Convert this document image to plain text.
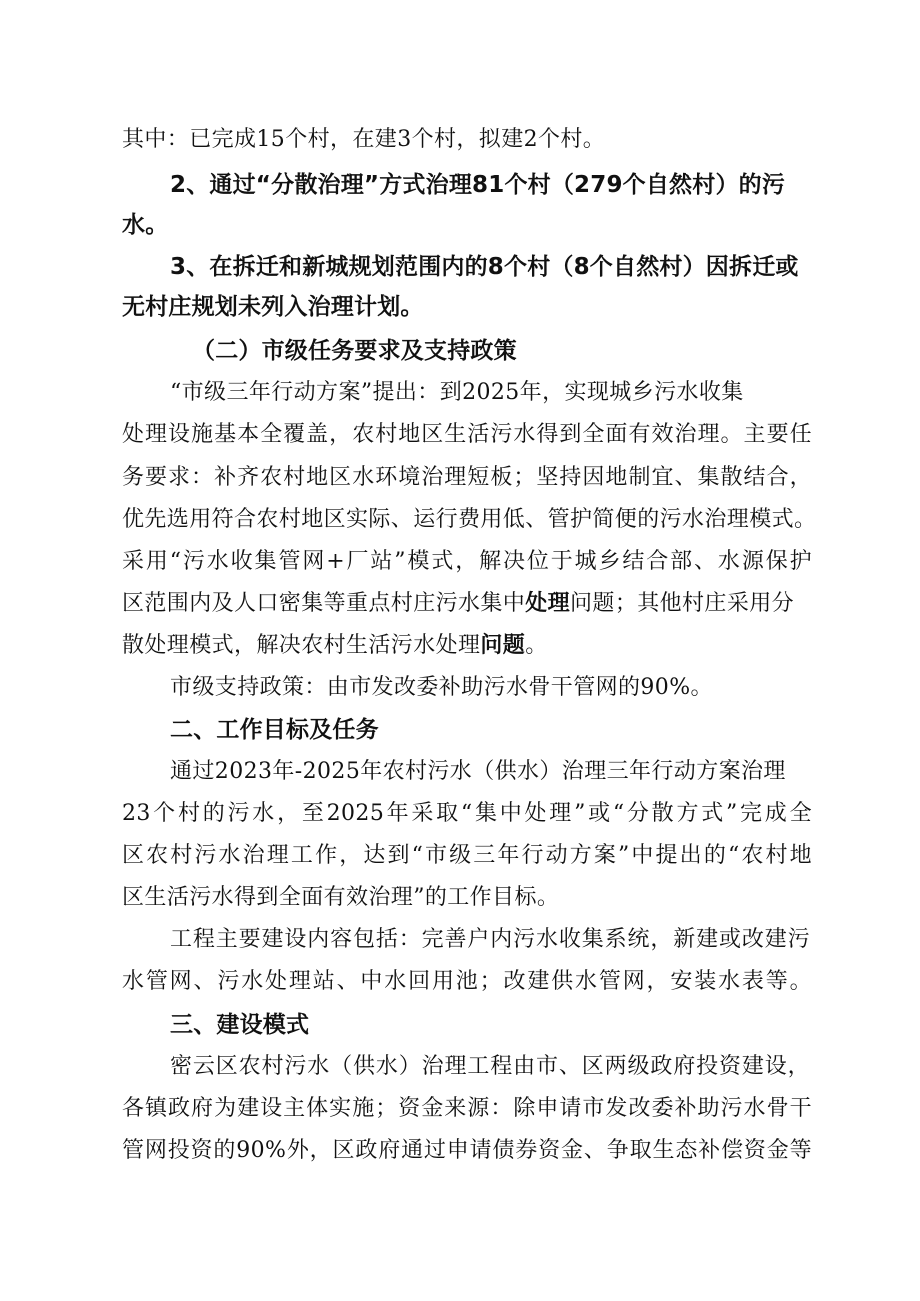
其中：已完成15个村，在建3个村，拟建2个村。
2、通过“分散治理”方式治理81个村（279个自然村）的污
水。
3、在拆迁和新城规划范围内的8个村（8个自然村）因拆迁或
无村庄规划未列入治理计划。
（二）市级任务要求及支持政策
“市级三年行动方案”提出：到2025年，实现城乡污水收集
处理设施基本全覆盖，农村地区生活污水得到全面有效治理。主要任
务要求：补齐农村地区水环境治理短板；坚持因地制宜、集散结合，
优先选用符合农村地区实际、运行费用低、管护简便的污水治理模式。
采用“污水收集管网+厂站”模式，解决位于城乡结合部、水源保护
区范围内及人口密集等重点村庄污水集中处理问题；其他村庄采用分
散处理模式，解决农村生活污水处理问题。
市级支持政策：由市发改委补助污水骨干管网的90%。
二、工作目标及任务
通过2023年-2025年农村污水（供水）治理三年行动方案治理
23个村的污水，至2025年采取“集中处理”或“分散方式”完成全
区农村污水治理工作，达到“市级三年行动方案”中提出的“农村地
区生活污水得到全面有效治理”的工作目标。
工程主要建设内容包括：完善户内污水收集系统，新建或改建污
水管网、污水处理站、中水回用池；改建供水管网，安装水表等。
三、建设模式
密云区农村污水（供水）治理工程由市、区两级政府投资建设，
各镇政府为建设主体实施；资金来源：除申请市发改委补助污水骨干
管网投资的90%外，区政府通过申请债券资金、争取生态补偿资金等
